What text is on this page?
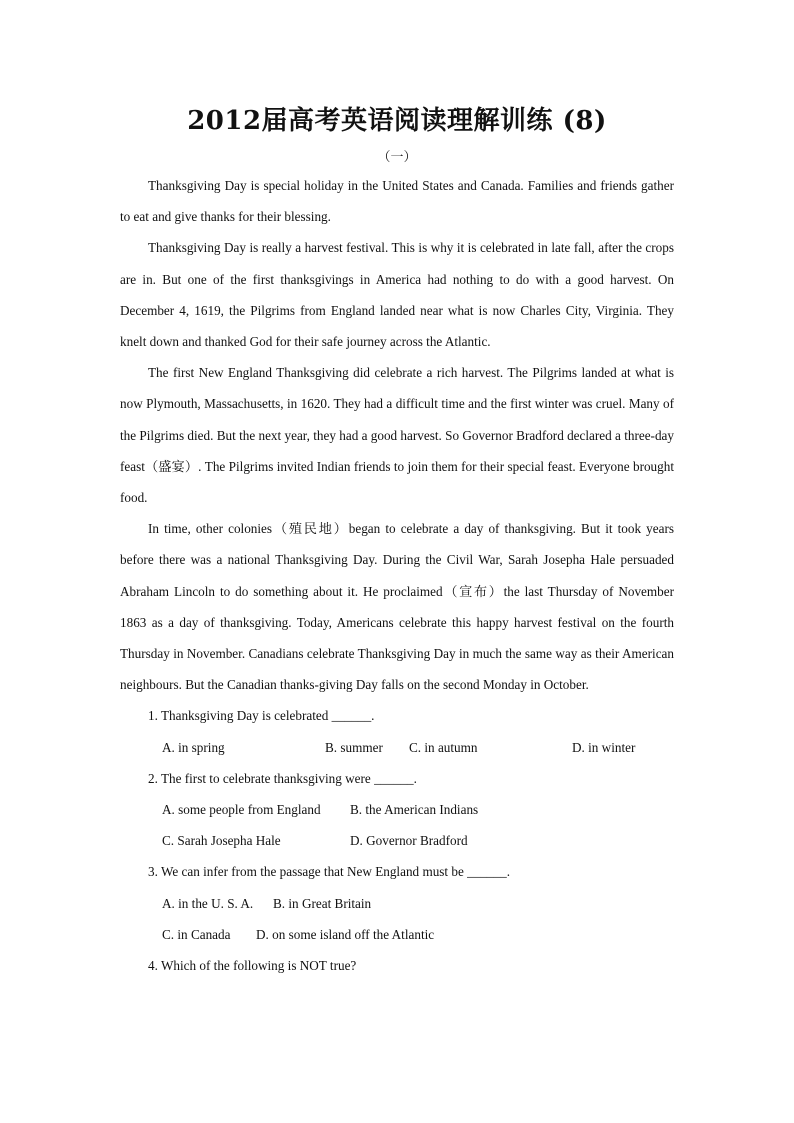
2012届高考英语阅读理解训练 (8)
（一）

Thanksgiving Day is special holiday in the United States and Canada. Families and friends gather to eat and give thanks for their blessing.

Thanksgiving Day is really a harvest festival. This is why it is celebrated in late fall, after the crops are in. But one of the first thanksgivings in America had nothing to do with a good harvest. On December 4, 1619, the Pilgrims from England landed near what is now Charles City, Virginia. They knelt down and thanked God for their safe journey across the Atlantic.

The first New England Thanksgiving did celebrate a rich harvest. The Pilgrims landed at what is now Plymouth, Massachusetts, in 1620. They had a difficult time and the first winter was cruel. Many of the Pilgrims died. But the next year, they had a good harvest. So Governor Bradford declared a three-day feast（盛宴）. The Pilgrims invited Indian friends to join them for their special feast. Everyone brought food.

In time, other colonies（殖民地）began to celebrate a day of thanksgiving. But it took years before there was a national Thanksgiving Day. During the Civil War, Sarah Josepha Hale persuaded Abraham Lincoln to do something about it. He proclaimed（宣布）the last Thursday of November 1863 as a day of thanksgiving. Today, Americans celebrate this happy harvest festival on the fourth Thursday in November. Canadians celebrate Thanksgiving Day in much the same way as their American neighbours. But the Canadian thanks-giving Day falls on the second Monday in October.

1. Thanksgiving Day is celebrated ______.
A. in spring	B. summer C. in autumn	D. in winter
2. The first to celebrate thanksgiving were ______.
A. some people from England B. the American Indians
C. Sarah Josepha Hale	D. Governor Bradford
3. We can infer from the passage that New England must be ______.
A. in the U. S. A. B. in Great Britain
C. in Canada D. on some island off the Atlantic
4. Which of the following is NOT true?
